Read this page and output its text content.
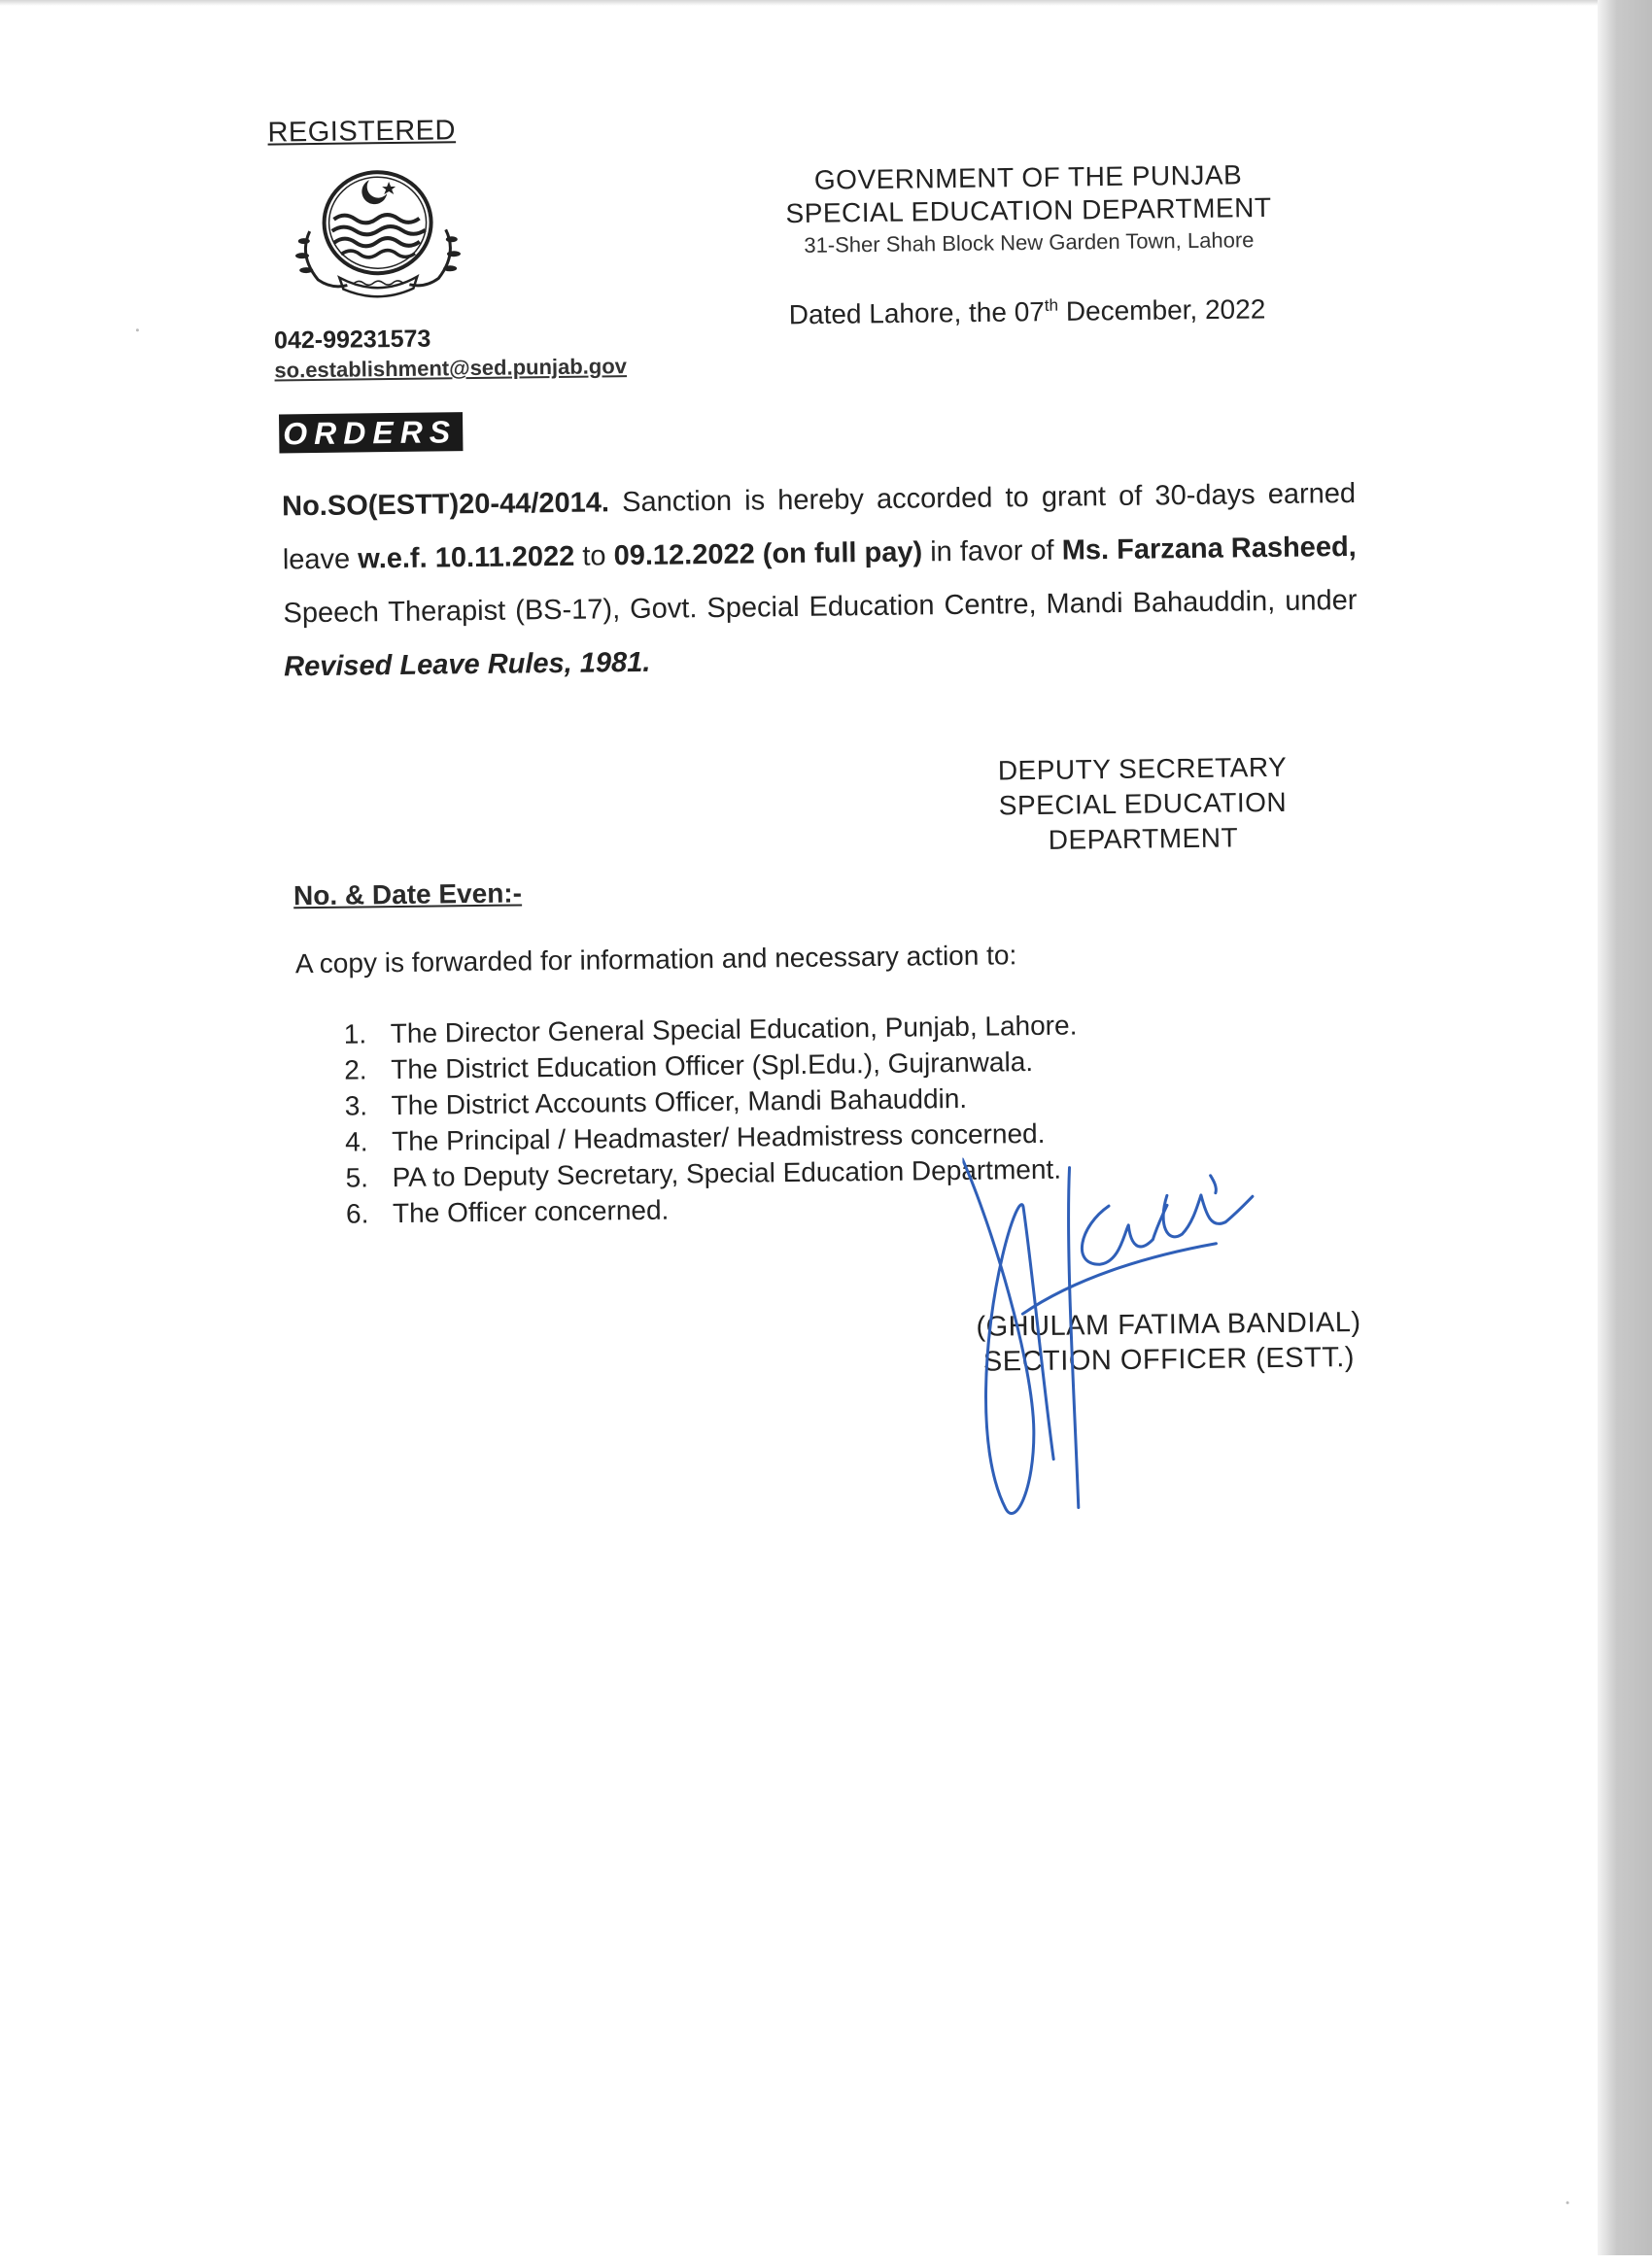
REGISTERED
042-99231573
so.establishment@sed.punjab.gov
GOVERNMENT OF THE PUNJAB
SPECIAL EDUCATION DEPARTMENT
31-Sher Shah Block New Garden Town, Lahore
Dated Lahore, the 07th December, 2022
ORDERS
No.SO(ESTT)20-44/2014. Sanction is hereby accorded to grant of 30-days earned leave w.e.f. 10.11.2022 to 09.12.2022 (on full pay) in favor of Ms. Farzana Rasheed, Speech Therapist (BS-17), Govt. Special Education Centre, Mandi Bahauddin, under Revised Leave Rules, 1981.
DEPUTY SECRETARY
SPECIAL EDUCATION
DEPARTMENT
No. & Date Even:-
A copy is forwarded for information and necessary action to:
1. The Director General Special Education, Punjab, Lahore.
2. The District Education Officer (Spl.Edu.), Gujranwala.
3. The District Accounts Officer, Mandi Bahauddin.
4. The Principal / Headmaster/ Headmistress concerned.
5. PA to Deputy Secretary, Special Education Department.
6. The Officer concerned.
(GHULAM FATIMA BANDIAL)
SECTION OFFICER (ESTT.)
